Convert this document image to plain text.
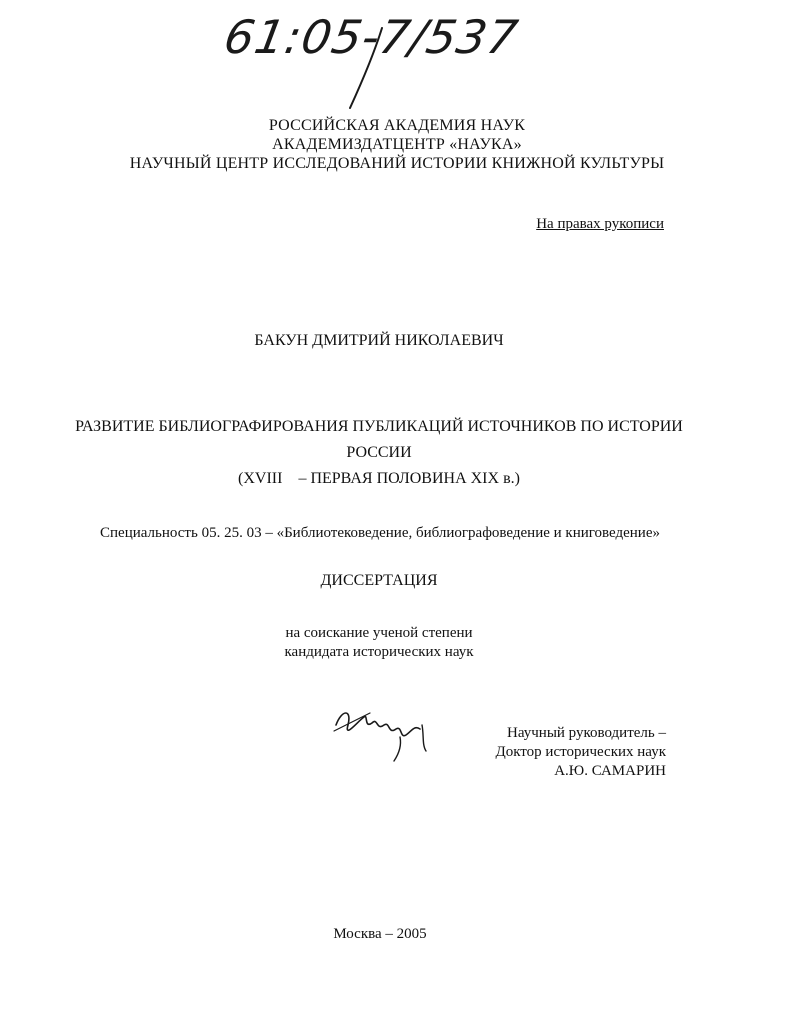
61:05-7/537
РОССИЙСКАЯ АКАДЕМИЯ НАУК
АКАДЕМИЗДАТЦЕНТР «НАУКА»
НАУЧНЫЙ ЦЕНТР ИССЛЕДОВАНИЙ ИСТОРИИ КНИЖНОЙ КУЛЬТУРЫ
На правах рукописи
БАКУН ДМИТРИЙ НИКОЛАЕВИЧ
РАЗВИТИЕ БИБЛИОГРАФИРОВАНИЯ ПУБЛИКАЦИЙ ИСТОЧНИКОВ ПО ИСТОРИИ
РОССИИ
(XVIII    – ПЕРВАЯ ПОЛОВИНА XIX в.)
Специальность 05. 25. 03 – «Библиотековедение, библиографоведение и книговедение»
ДИССЕРТАЦИЯ
на соискание ученой степени
кандидата исторических наук
Научный руководитель –
Доктор исторических наук
А.Ю. САМАРИН
Москва – 2005
